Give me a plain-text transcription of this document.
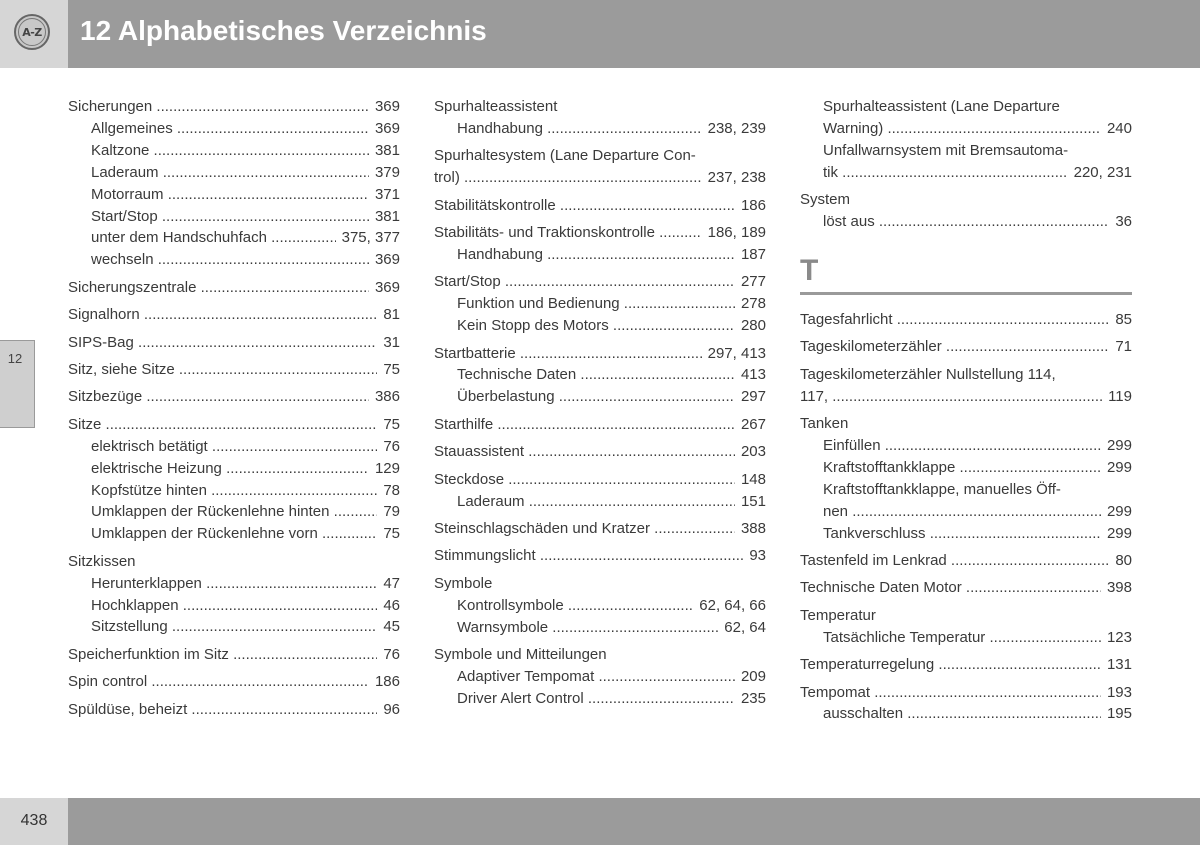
A-Z 12 Alphabetisches Verzeichnis
12
Sicherungen .....	369
Allgemeines .....	369
Kaltzone .....	381
Laderaum .....	379
Motorraum .....	371
Start/Stop .....	381
unter dem Handschuhfach .....	375, 377
wechseln .....	369
Sicherungszentrale .....	369
Signalhorn .....	81
SIPS-Bag .....	31
Sitz, siehe Sitze .....	75
Sitzbezüge .....	386
Sitze .....	75
elektrisch betätigt .....	76
elektrische Heizung .....	129
Kopfstütze hinten .....	78
Umklappen der Rückenlehne hinten .....	79
Umklappen der Rückenlehne vorn .....	75
Sitzkissen
Herunterklappen .....	47
Hochklappen .....	46
Sitzstellung .....	45
Speicherfunktion im Sitz .....	76
Spin control .....	186
Spüldüse, beheizt .....	96
Spurhalteassistent
Handhabung .....	238, 239
Spurhaltesystem (Lane Departure Con-
trol) .....	237, 238
Stabilitätskontrolle .....	186
Stabilitäts- und Traktionskontrolle .....	186, 189
Handhabung .....	187
Start/Stop .....	277
Funktion und Bedienung .....	278
Kein Stopp des Motors .....	280
Startbatterie .....	297, 413
Technische Daten .....	413
Überbelastung .....	297
Starthilfe .....	267
Stauassistent .....	203
Steckdose .....	148
Laderaum .....	151
Steinschlagschäden und Kratzer .....	388
Stimmungslicht .....	93
Symbole
Kontrollsymbole .....	62, 64, 66
Warnsymbole .....	62, 64
Symbole und Mitteilungen
Adaptiver Tempomat .....	209
Driver Alert Control .....	235
Spurhalteassistent (Lane Departure
Warning) .....	240
Unfallwarnsystem mit Bremsautoma-
tik .....	220, 231
System
löst aus .....	36
T
Tagesfahrlicht .....	85
Tageskilometerzähler .....	71
Tageskilometerzähler Nullstellung 114,
117, .....	119
Tanken
Einfüllen .....	299
Kraftstofftankklappe .....	299
Kraftstofftankklappe, manuelles Öff-
nen .....	299
Tankverschluss .....	299
Tastenfeld im Lenkrad .....	80
Technische Daten Motor .....	398
Temperatur
Tatsächliche Temperatur .....	123
Temperaturregelung .....	131
Tempomat .....	193
ausschalten .....	195
438
